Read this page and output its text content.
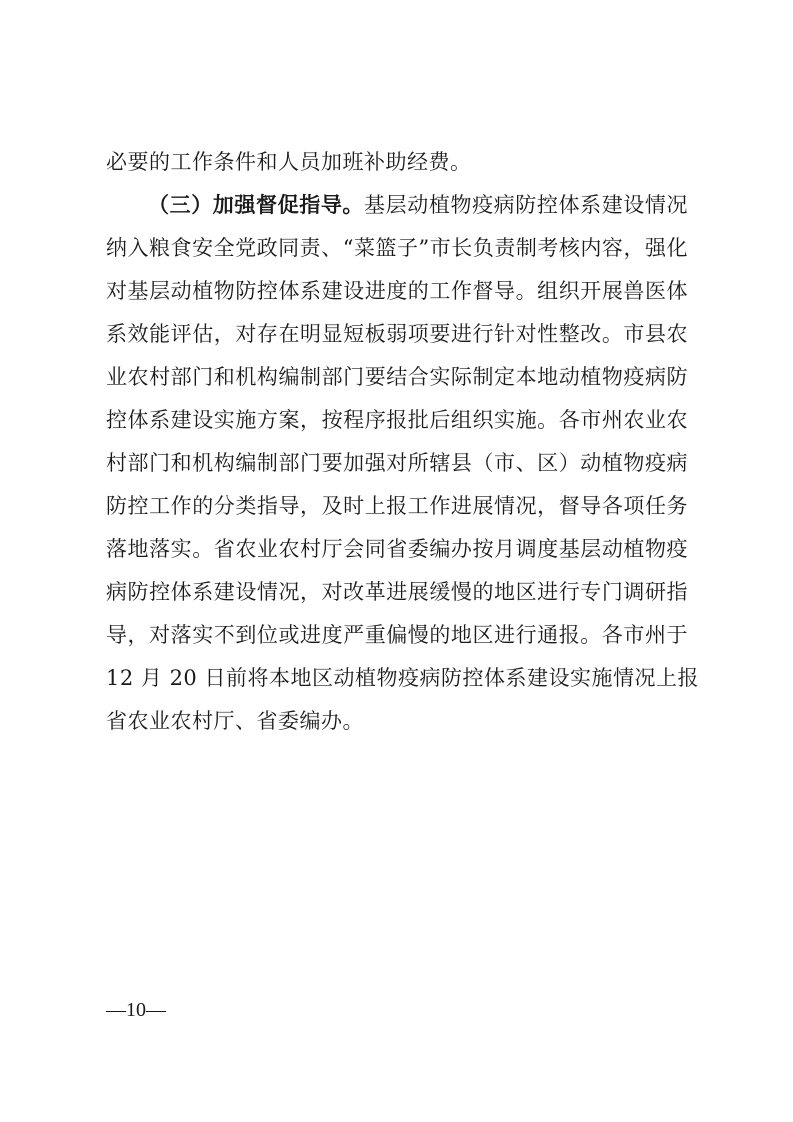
必要的工作条件和人员加班补助经费。
（三）加强督促指导。基层动植物疫病防控体系建设情况
纳入粮食安全党政同责、“菜篮子”市长负责制考核内容，强化
对基层动植物防控体系建设进度的工作督导。组织开展兽医体
系效能评估，对存在明显短板弱项要进行针对性整改。市县农
业农村部门和机构编制部门要结合实际制定本地动植物疫病防
控体系建设实施方案，按程序报批后组织实施。各市州农业农
村部门和机构编制部门要加强对所辖县（市、区）动植物疫病
防控工作的分类指导，及时上报工作进展情况，督导各项任务
落地落实。省农业农村厅会同省委编办按月调度基层动植物疫
病防控体系建设情况，对改革进展缓慢的地区进行专门调研指
导，对落实不到位或进度严重偏慢的地区进行通报。各市州于
12 月 20 日前将本地区动植物疫病防控体系建设实施情况上报
省农业农村厅、省委编办。
—10—
